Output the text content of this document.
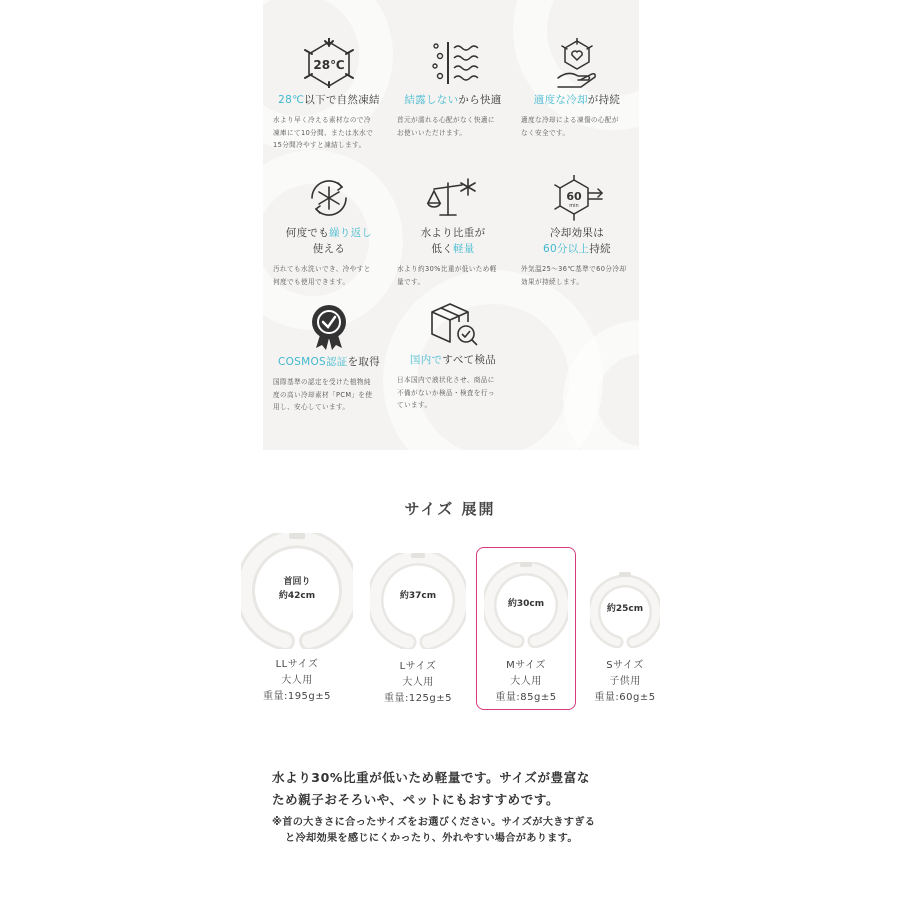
28℃
28℃以下で自然凍結
水より早く冷える素材なので冷
凍庫にて10分間、または氷水で
15分間冷やすと凍結します。
結露しないから快適
首元が濡れる心配がなく快適に
お使いいただけます。
適度な冷却が持続
適度な冷却による凍傷の心配が
なく安全です。
何度でも繰り返し
使える
汚れても水洗いでき、冷やすと
何度でも使用できます。
水より比重が
低く軽量
水より約30%比重が低いため軽
量です。
60
min
冷却効果は
60分以上持続
外気温25～36℃基準で60分冷却
効果が持続します。
COSMOS認証を取得
国際基準の認定を受けた植物純
度の高い冷却素材「PCM」を使
用し、安心しています。
国内ですべて検品
日本国内で液状化させ、商品に
不備がないか検品・検査を行っ
ています。
サイズ 展開
首回り
約42cm
LLサイズ
大人用
重量:195g±5
約37cm
Lサイズ
大人用
重量:125g±5
約30cm
Mサイズ
大人用
重量:85g±5
約25cm
Sサイズ
子供用
重量:60g±5
水より30%比重が低いため軽量です。サイズが豊富な
ため親子おそろいや、ペットにもおすすめです。
※首の大きさに合ったサイズをお選びください。サイズが大きすぎる
と冷却効果を感じにくかったり、外れやすい場合があります。
